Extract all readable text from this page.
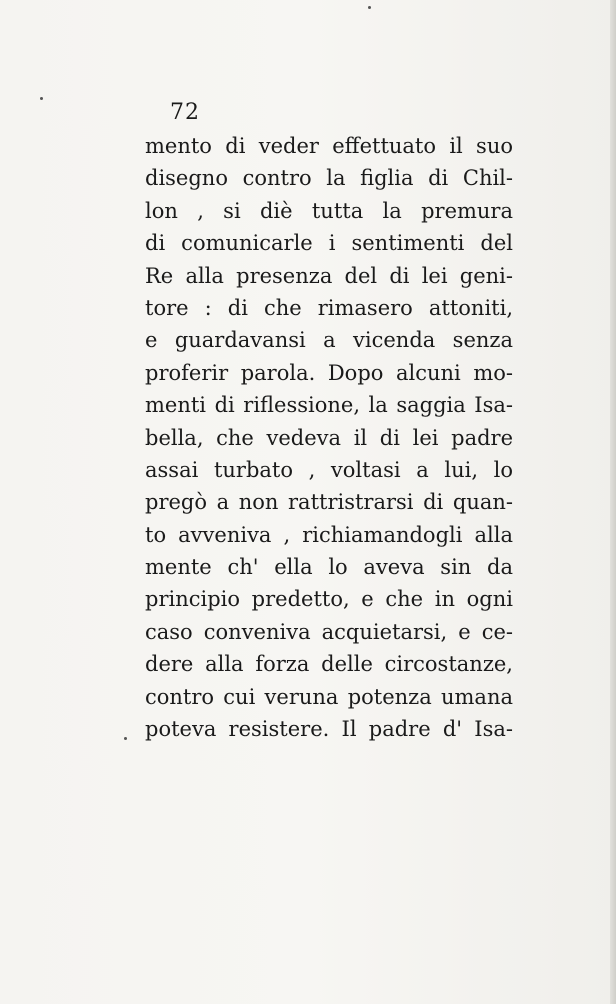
72
mento di veder effettuato il suo
disegno contro la figlia di Chil-
lon , si diè tutta la premura
di comunicarle i sentimenti del
Re alla presenza del di lei geni-
tore : di che rimasero attoniti,
e guardavansi a vicenda senza
proferir parola. Dopo alcuni mo-
menti di riflessione, la saggia Isa-
bella, che vedeva il di lei padre
assai turbato , voltasi a lui, lo
pregò a non rattristrarsi di quan-
to avveniva , richiamandogli alla
mente ch' ella lo aveva sin da
principio predetto, e che in ogni
caso conveniva acquietarsi, e ce-
dere alla forza delle circostanze,
contro cui veruna potenza umana
poteva resistere. Il padre d' Isa-
